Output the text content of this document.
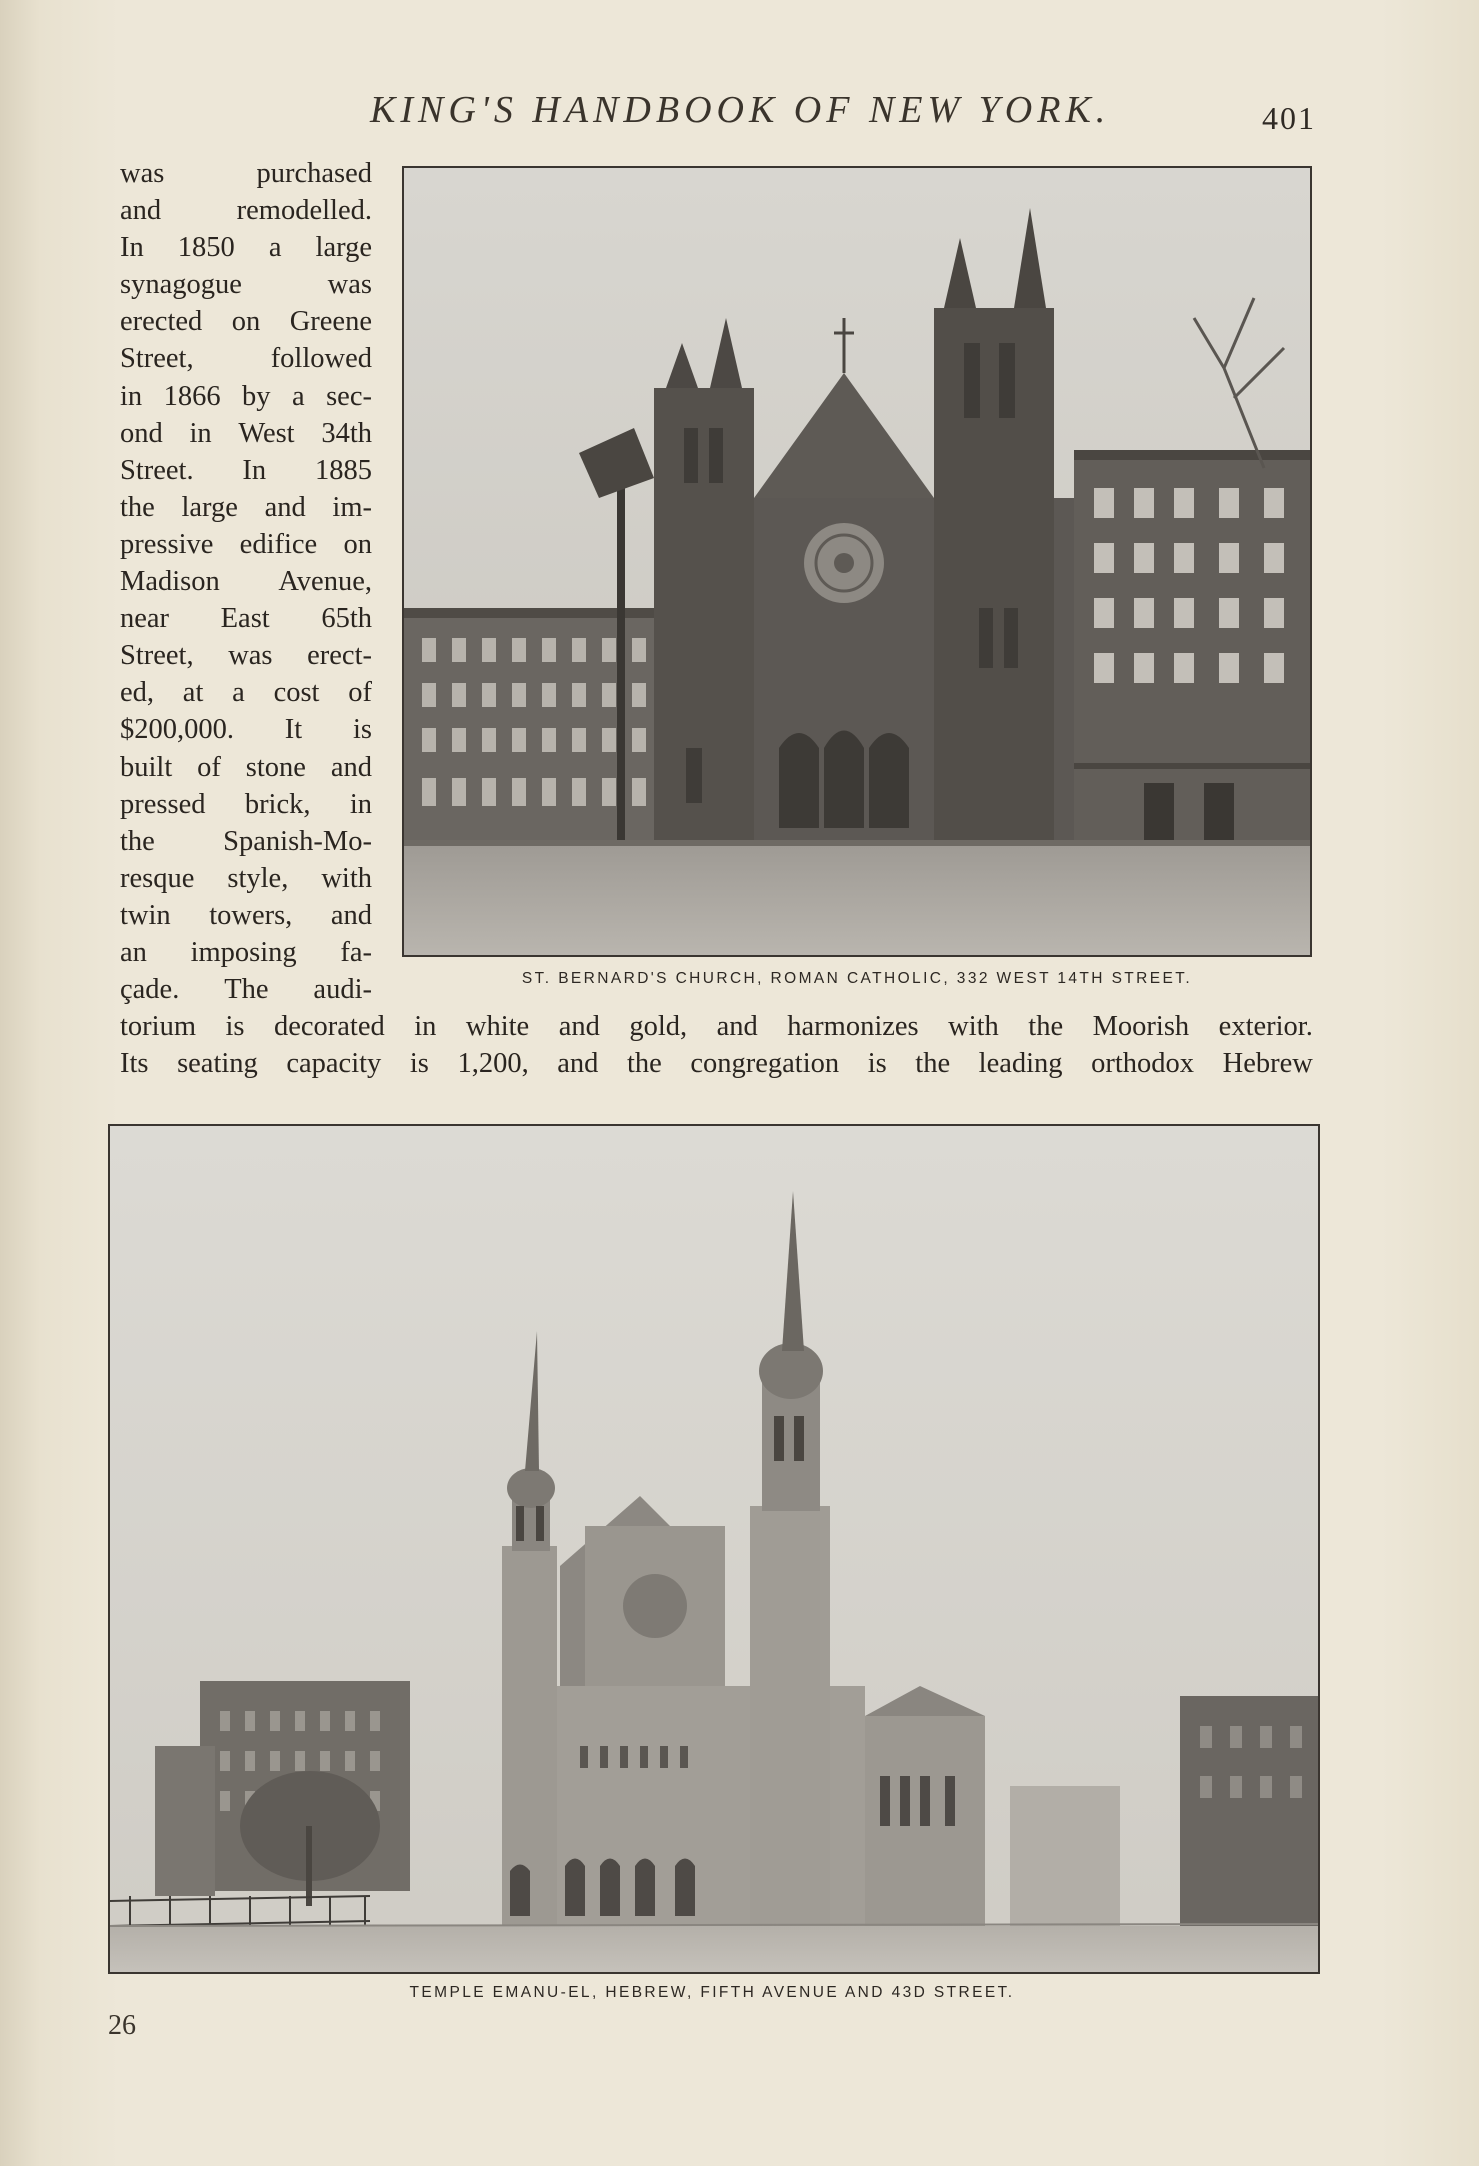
KING'S HANDBOOK OF NEW YORK.	401
was	purchased
and	remodelled.
In 1850 a large
synagogue	was
erected on Greene
Street,	followed
in 1866 by a sec-
ond in West 34th
Street. In 1885
the large and im-
pressive edifice on
Madison Avenue,
near East 65th
Street, was erect-
ed, at a cost of
$200,000. It is
built of stone and
pressed brick, in
the Spanish-Mo-
resque style, with
twin towers, and
an imposing fa-
çade. The audi-
torium is decorated in white and gold, and harmonizes with the Moorish exterior.
Its seating capacity is 1,200, and the congregation is the leading orthodox Hebrew
ST. BERNARD'S CHURCH, ROMAN CATHOLIC, 332 WEST 14TH STREET.
TEMPLE EMANU-EL, HEBREW, FIFTH AVENUE AND 43D STREET.
26
